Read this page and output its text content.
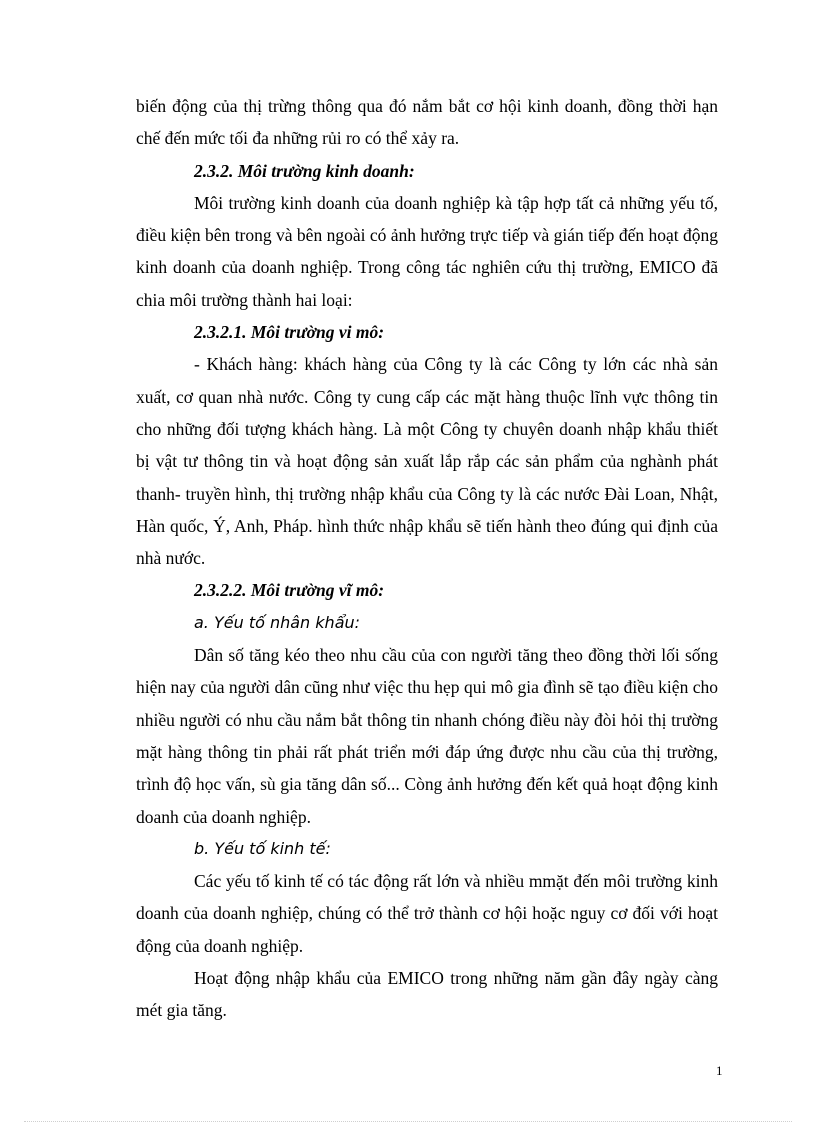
biến động của thị trừng thông qua đó nắm bắt cơ hội kinh doanh, đồng thời hạn chế đến mức tối đa những rủi ro có thể xảy ra.

2.3.2. Môi trường kinh doanh:

Môi trường kinh doanh của doanh nghiệp kà tập hợp tất cả những yếu tố, điều kiện bên trong và bên ngoài có ảnh hưởng trực tiếp và gián tiếp đến hoạt động kinh doanh của doanh nghiệp. Trong công tác nghiên cứu thị trường, EMICO đã chia môi trường thành hai loại:

2.3.2.1. Môi trường vi mô:

- Khách hàng: khách hàng của Công ty là các Công ty lớn các nhà sản xuất, cơ quan nhà nước. Công ty cung cấp các mặt hàng thuộc lĩnh vực thông tin cho những đối tượng khách hàng. Là một Công ty chuyên doanh nhập khẩu thiết bị vật tư thông tin và hoạt động sản xuất lắp rắp các sản phẩm của nghành phát thanh- truyền hình, thị trường nhập khẩu của Công ty là các nước Đài Loan, Nhật, Hàn quốc, Ý, Anh, Pháp. hình thức nhập khẩu sẽ tiến hành theo đúng qui định của nhà nước.

2.3.2.2. Môi trường vĩ mô:

a. Yếu tố nhân khẩu:

Dân số tăng kéo theo nhu cầu của con người tăng theo đồng thời lối sống hiện nay của người dân cũng như việc thu hẹp qui mô gia đình sẽ tạo điều kiện cho nhiều người có nhu cầu nắm bắt thông tin nhanh chóng điều này đòi hỏi thị trường mặt hàng thông tin phải rất phát triển mới đáp ứng được nhu cầu của thị trường, trình độ học vấn, sù gia tăng dân số... Còng ảnh hưởng đến kết quả hoạt động kinh doanh của doanh nghiệp.

b. Yếu tố kinh tế:

Các yếu tố kinh tế có tác động rất lớn và nhiều mmặt đến môi trường kinh doanh của doanh nghiệp, chúng có thể trở thành cơ hội hoặc nguy cơ đối với hoạt động của doanh nghiệp.

Hoạt động nhập khẩu của EMICO trong những năm gần đây ngày càng mét gia tăng.

1
